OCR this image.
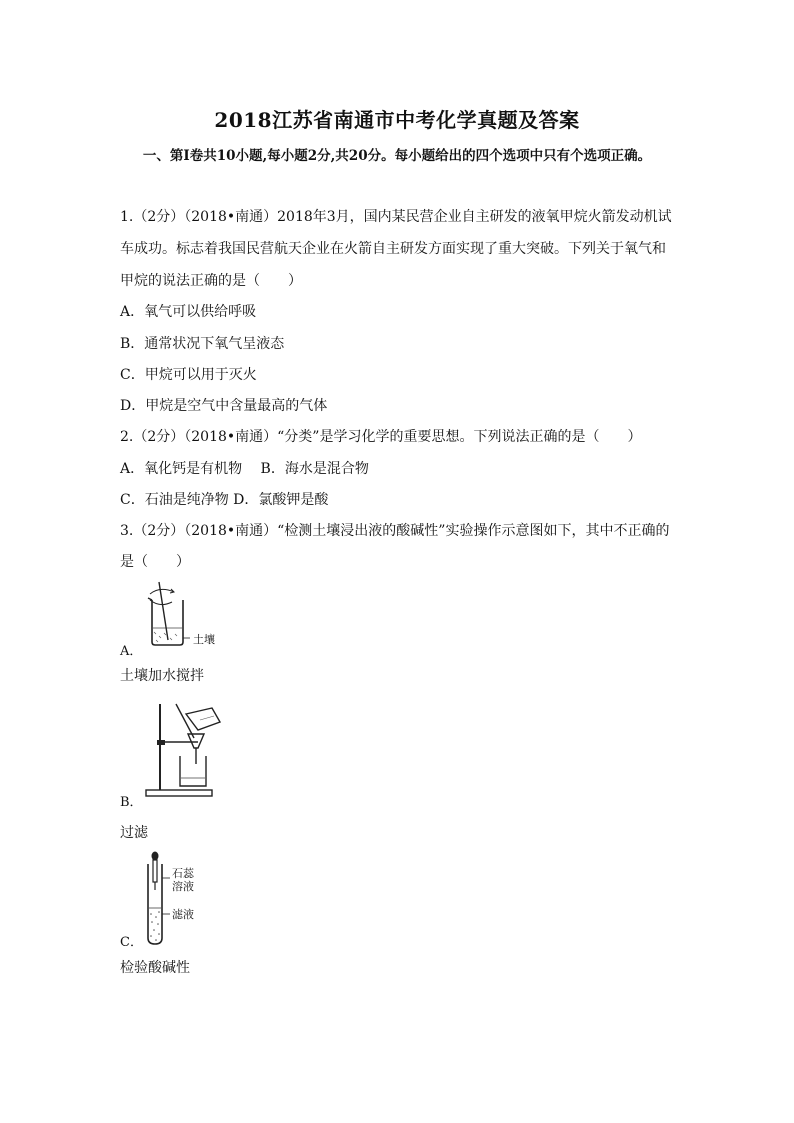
2018江苏省南通市中考化学真题及答案
一、第I卷共10小题,每小题2分,共20分。每小题给出的四个选项中只有个选项正确。
1.（2分）（2018•南通）2018年3月，国内某民营企业自主研发的液氧甲烷火箭发动机试
车成功。标志着我国民营航天企业在火箭自主研发方面实现了重大突破。下列关于氧气和
甲烷的说法正确的是（　　）
A．氧气可以供给呼吸
B．通常状况下氧气呈液态
C．甲烷可以用于灭火
D．甲烷是空气中含量最高的气体
2.（2分）（2018•南通）“分类”是学习化学的重要思想。下列说法正确的是（　　）
A．氧化钙是有机物　 B．海水是混合物
C．石油是纯净物 D．氯酸钾是酸
3.（2分）（2018•南通）“检测土壤浸出液的酸碱性”实验操作示意图如下，其中不正确的
是（　　）
土壤
A．
土壤加水搅拌
B．
过滤
石蕊
溶液
滤液
C．
检验酸碱性
